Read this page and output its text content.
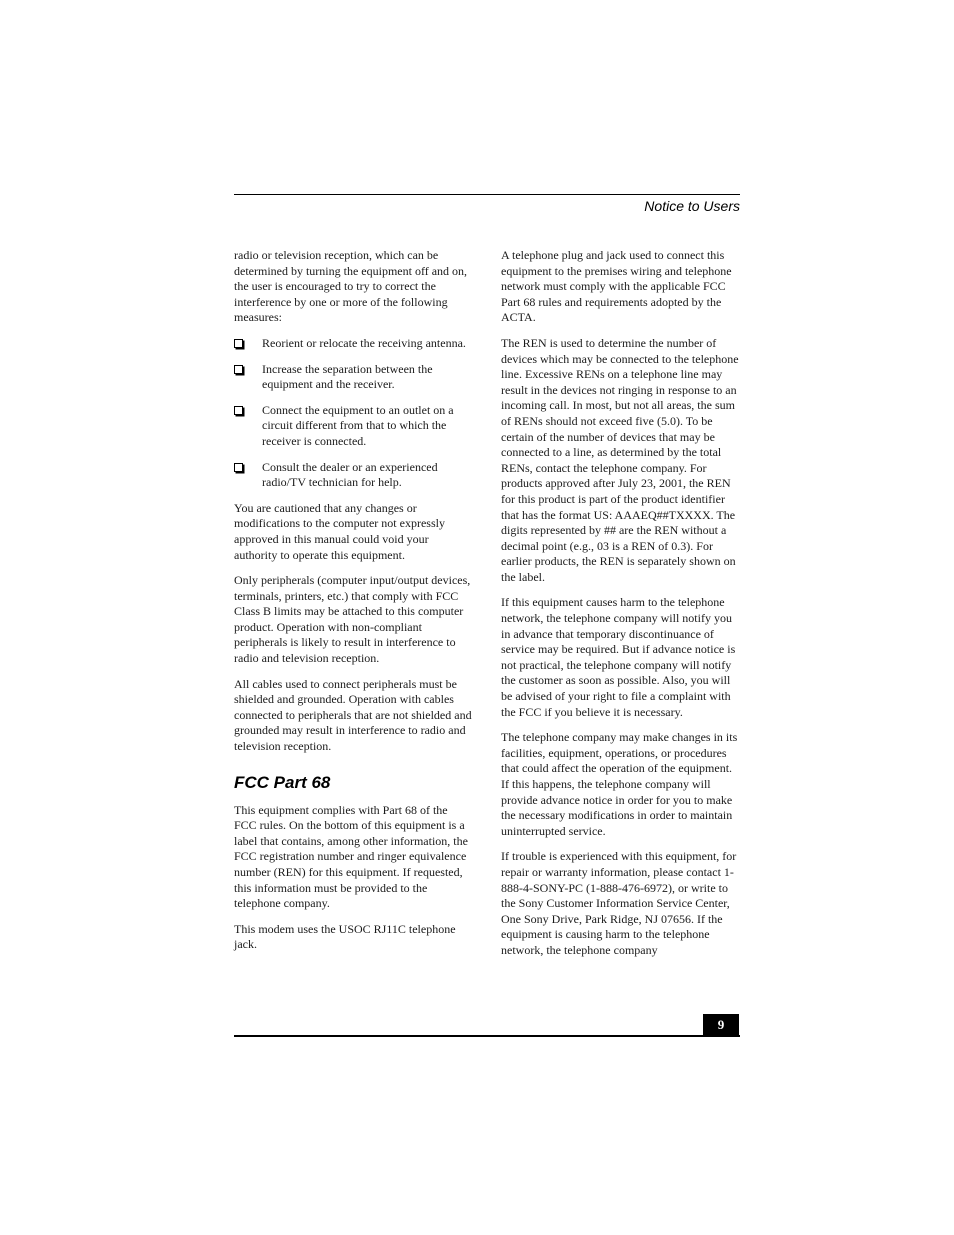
Notice to Users

radio or television reception, which can be determined by turning the equipment off and on, the user is encouraged to try to correct the interference by one or more of the following measures:

Reorient or relocate the receiving antenna.
Increase the separation between the equipment and the receiver.
Connect the equipment to an outlet on a circuit different from that to which the receiver is connected.
Consult the dealer or an experienced radio/TV technician for help.

You are cautioned that any changes or modifications to the computer not expressly approved in this manual could void your authority to operate this equipment.

Only peripherals (computer input/output devices, terminals, printers, etc.) that comply with FCC Class B limits may be attached to this computer product. Operation with non-compliant peripherals is likely to result in interference to radio and television reception.

All cables used to connect peripherals must be shielded and grounded. Operation with cables connected to peripherals that are not shielded and grounded may result in interference to radio and television reception.

FCC Part 68

This equipment complies with Part 68 of the FCC rules. On the bottom of this equipment is a label that contains, among other information, the FCC registration number and ringer equivalence number (REN) for this equipment. If requested, this information must be provided to the telephone company.

This modem uses the USOC RJ11C telephone jack.

A telephone plug and jack used to connect this equipment to the premises wiring and telephone network must comply with the applicable FCC Part 68 rules and requirements adopted by the ACTA.

The REN is used to determine the number of devices which may be connected to the telephone line. Excessive RENs on a telephone line may result in the devices not ringing in response to an incoming call. In most, but not all areas, the sum of RENs should not exceed five (5.0). To be certain of the number of devices that may be connected to a line, as determined by the total RENs, contact the telephone company. For products approved after July 23, 2001, the REN for this product is part of the product identifier that has the format US: AAAEQ##TXXXX. The digits represented by ## are the REN without a decimal point (e.g., 03 is a REN of 0.3). For earlier products, the REN is separately shown on the label.

If this equipment causes harm to the telephone network, the telephone company will notify you in advance that temporary discontinuance of service may be required. But if advance notice is not practical, the telephone company will notify the customer as soon as possible. Also, you will be advised of your right to file a complaint with the FCC if you believe it is necessary.

The telephone company may make changes in its facilities, equipment, operations, or procedures that could affect the operation of the equipment. If this happens, the telephone company will provide advance notice in order for you to make the necessary modifications in order to maintain uninterrupted service.

If trouble is experienced with this equipment, for repair or warranty information, please contact 1-888-4-SONY-PC (1-888-476-6972), or write to the Sony Customer Information Service Center, One Sony Drive, Park Ridge, NJ 07656. If the equipment is causing harm to the telephone network, the telephone company

9
